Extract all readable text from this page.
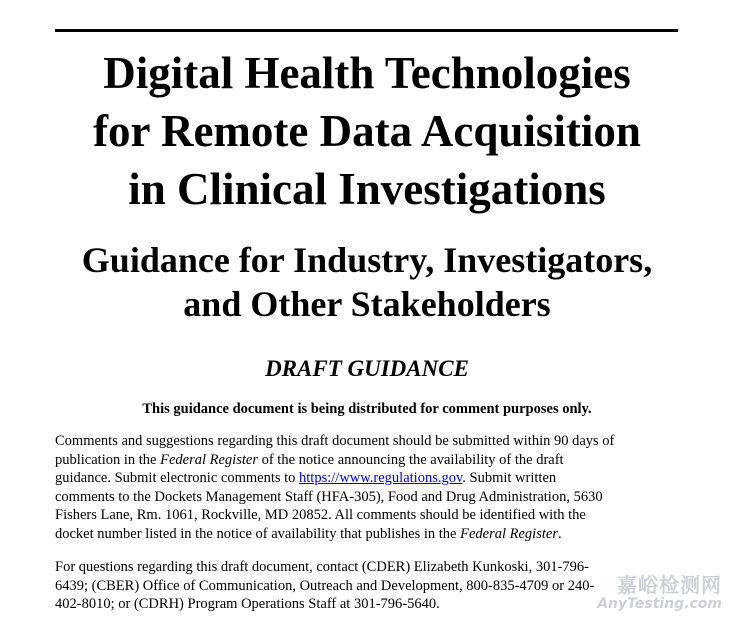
Digital Health Technologies
for Remote Data Acquisition
in Clinical Investigations
Guidance for Industry, Investigators,
and Other Stakeholders
DRAFT GUIDANCE
This guidance document is being distributed for comment purposes only.
Comments and suggestions regarding this draft document should be submitted within 90 days of
publication in the Federal Register of the notice announcing the availability of the draft
guidance. Submit electronic comments to https://www.regulations.gov. Submit written
comments to the Dockets Management Staff (HFA-305), Food and Drug Administration, 5630
Fishers Lane, Rm. 1061, Rockville, MD 20852. All comments should be identified with the
docket number listed in the notice of availability that publishes in the Federal Register.
For questions regarding this draft document, contact (CDER) Elizabeth Kunkoski, 301-796-
6439; (CBER) Office of Communication, Outreach and Development, 800-835-4709 or 240-
402-8010; or (CDRH) Program Operations Staff at 301-796-5640.
嘉峪检测网
AnyTesting.com
